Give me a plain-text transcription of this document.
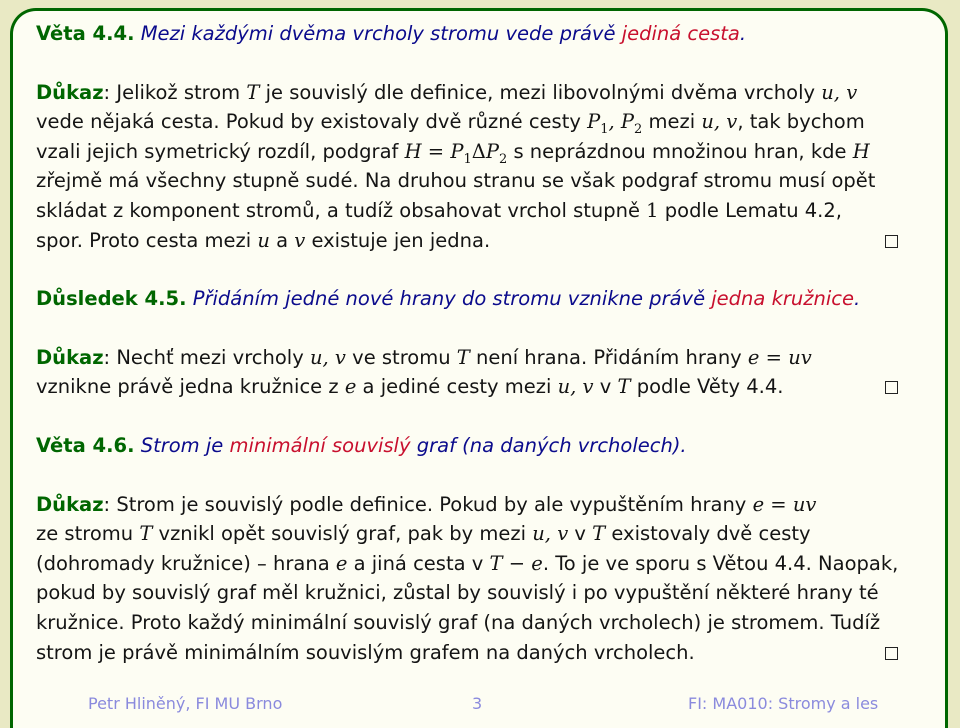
Věta 4.4. Mezi každými dvěma vrcholy stromu vede právě jediná cesta.

Důkaz: Jelikož strom T je souvislý dle definice, mezi libovolnými dvěma vrcholy u, v
vede nějaká cesta. Pokud by existovaly dvě různé cesty $P_1$, $P_2$ mezi u, v, tak bychom
vzali jejich symetrický rozdíl, podgraf $H = P_1\Delta P_2$ s neprázdnou množinou hran, kde H
zřejmě má všechny stupně sudé. Na druhou stranu se však podgraf stromu musí opět
skládat z komponent stromů, a tudíž obsahovat vrchol stupně 1 podle Lematu 4.2,
spor. Proto cesta mezi u a v existuje jen jedna.

Důsledek 4.5. Přidáním jedné nové hrany do stromu vznikne právě jedna kružnice.

Důkaz: Nechť mezi vrcholy u, v ve stromu T není hrana. Přidáním hrany e = uv
vznikne právě jedna kružnice z e a jediné cesty mezi u, v v T podle Věty 4.4.

Věta 4.6. Strom je minimální souvislý graf (na daných vrcholech).

Důkaz: Strom je souvislý podle definice. Pokud by ale vypuštěním hrany e = uv
ze stromu T vznikl opět souvislý graf, pak by mezi u, v v T existovaly dvě cesty
(dohromady kružnice) – hrana e a jiná cesta v T − e. To je ve sporu s Větou 4.4. Naopak,
pokud by souvislý graf měl kružnici, zůstal by souvislý i po vypuštění některé hrany té
kružnice. Proto každý minimální souvislý graf (na daných vrcholech) je stromem. Tudíž
strom je právě minimálním souvislým grafem na daných vrcholech.
Petr Hliněný, FI MU Brno	3	FI: MA010: Stromy a les
